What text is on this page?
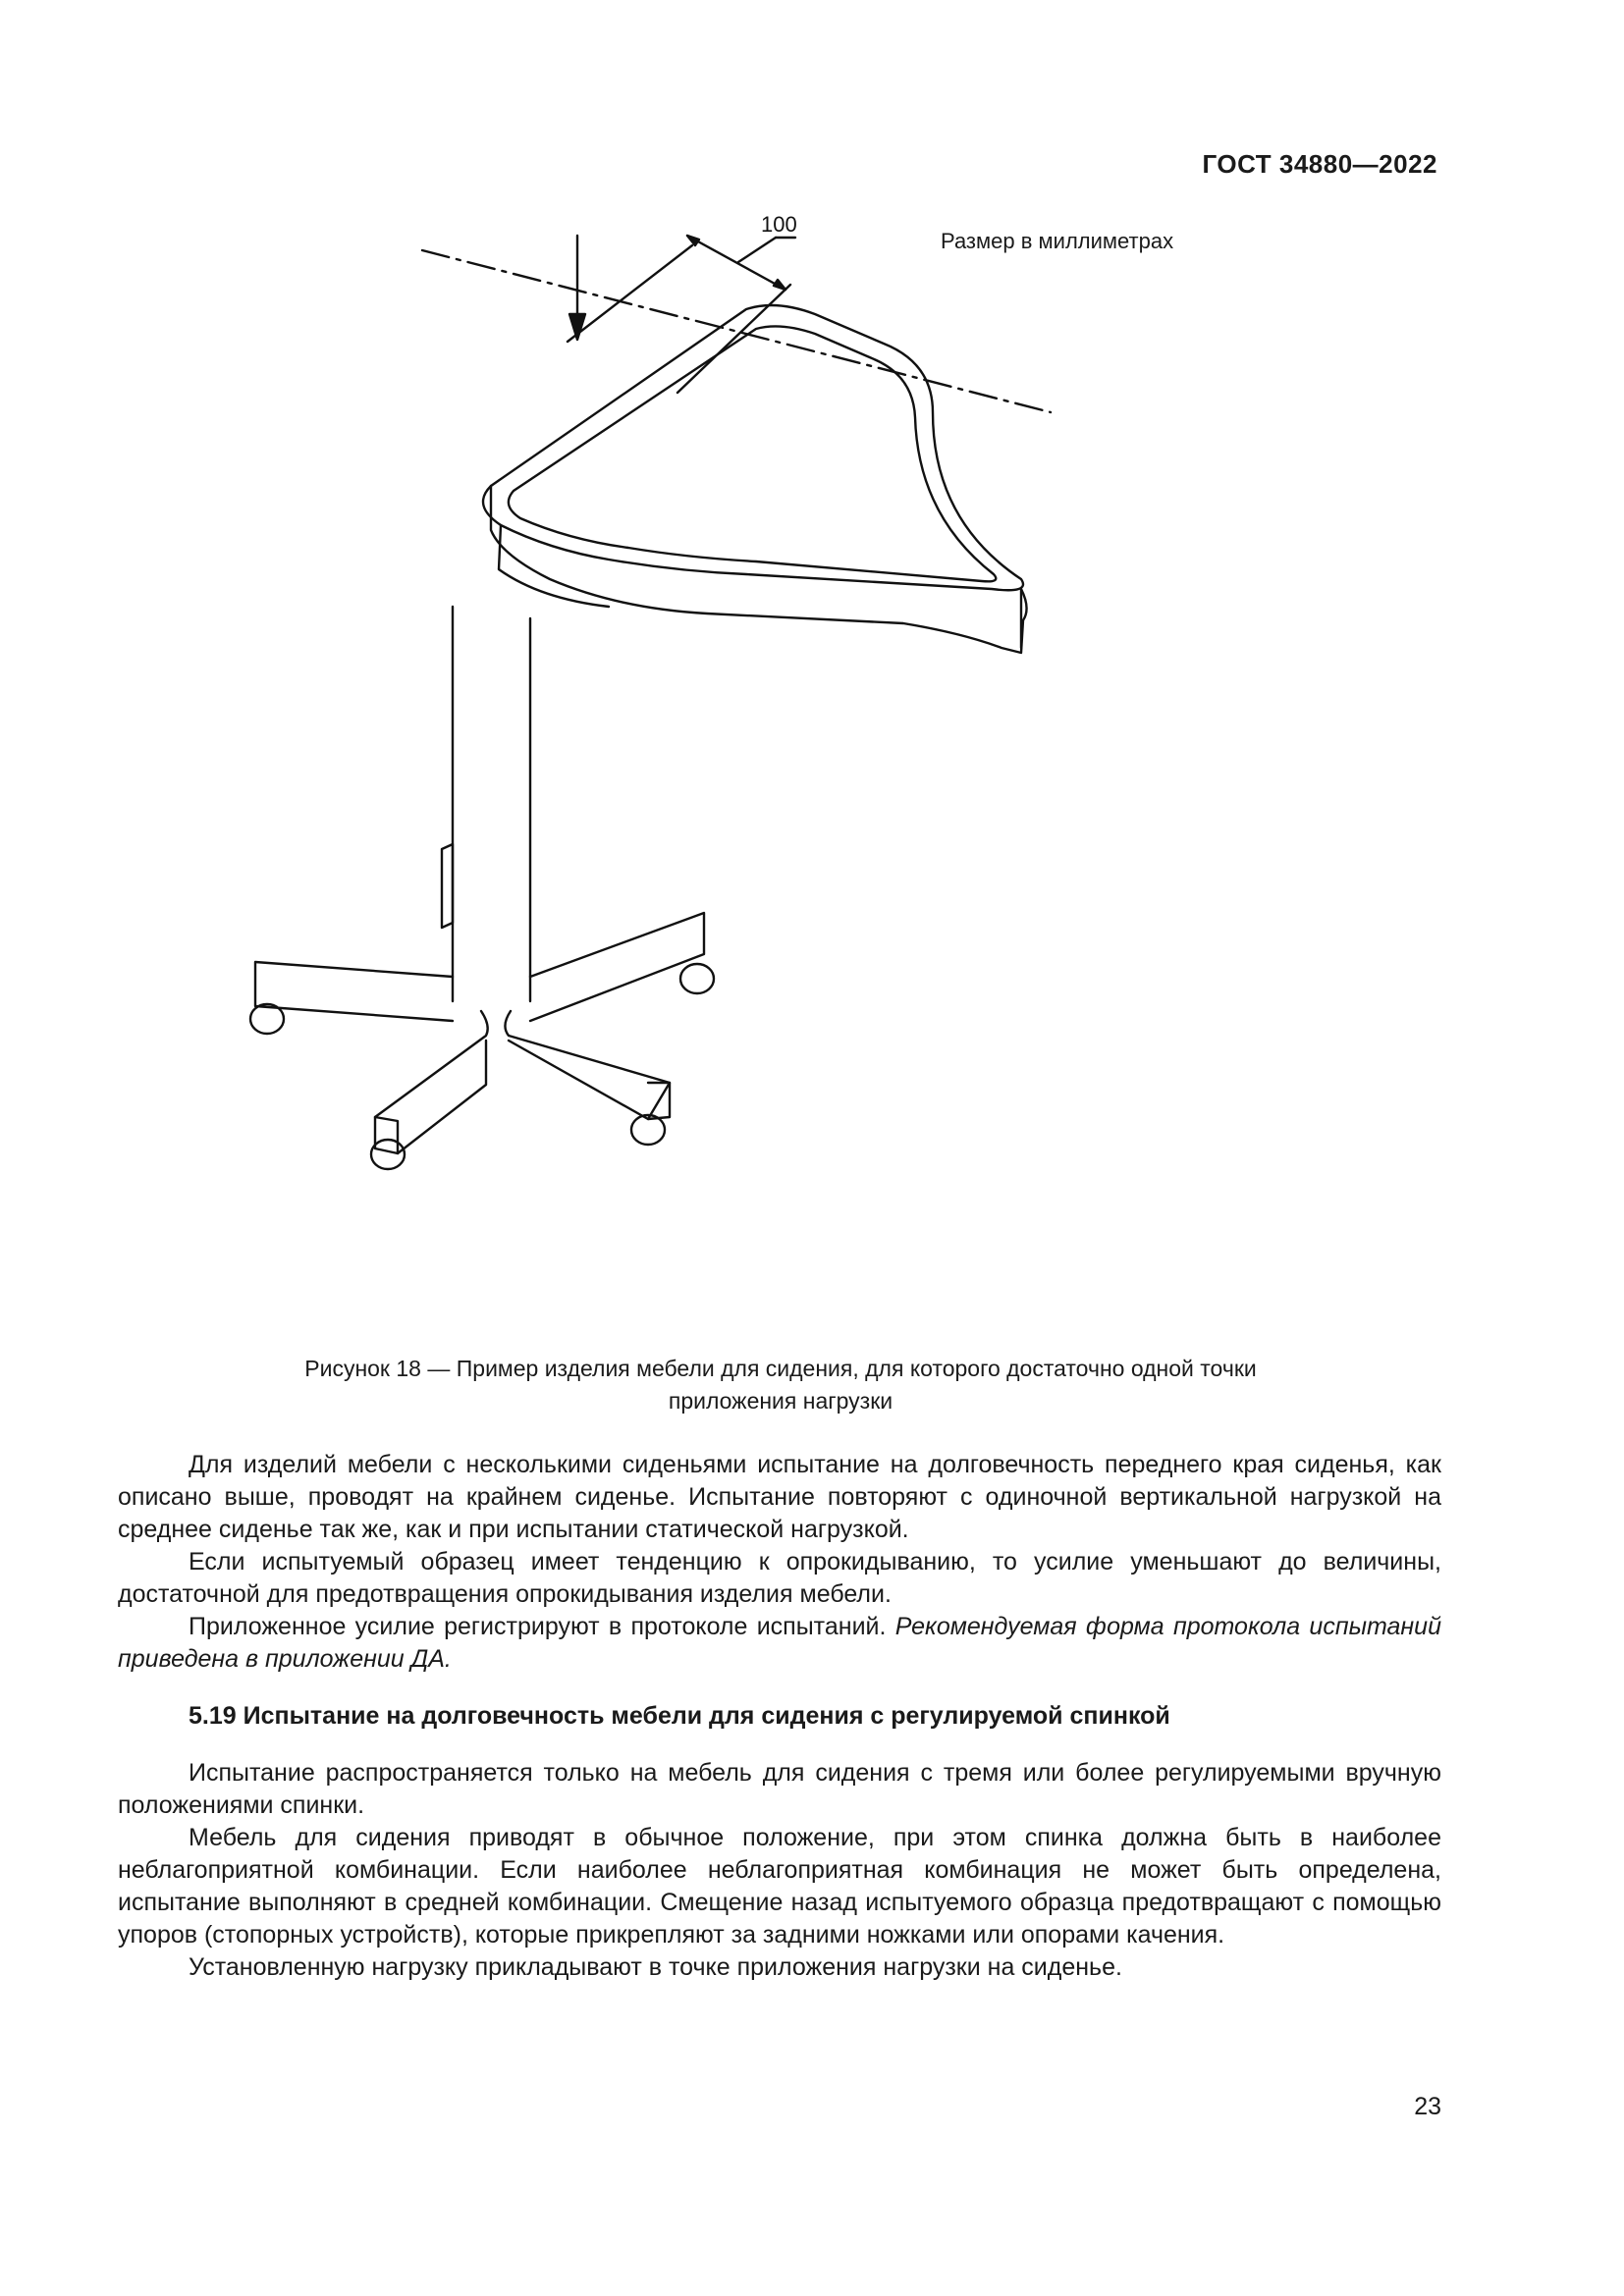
ГОСТ 34880—2022
Размер в миллиметрах
100
Рисунок 18 — Пример изделия мебели для сидения, для которого достаточно одной точки
приложения нагрузки

Для изделий мебели с несколькими сиденьями испытание на долговечность переднего края сиденья, как описано выше, проводят на крайнем сиденье. Испытание повторяют с одиночной вертикальной нагрузкой на среднее сиденье так же, как и при испытании статической нагрузкой.

Если испытуемый образец имеет тенденцию к опрокидыванию, то усилие уменьшают до величины, достаточной для предотвращения опрокидывания изделия мебели.

Приложенное усилие регистрируют в протоколе испытаний. Рекомендуемая форма протокола испытаний приведена в приложении ДА.

5.19 Испытание на долговечность мебели для сидения с регулируемой спинкой

Испытание распространяется только на мебель для сидения с тремя или более регулируемыми вручную положениями спинки.

Мебель для сидения приводят в обычное положение, при этом спинка должна быть в наиболее неблагоприятной комбинации. Если наиболее неблагоприятная комбинация не может быть определена, испытание выполняют в средней комбинации. Смещение назад испытуемого образца предотвращают с помощью упоров (стопорных устройств), которые прикрепляют за задними ножками или опорами качения.

Установленную нагрузку прикладывают в точке приложения нагрузки на сиденье.

23
